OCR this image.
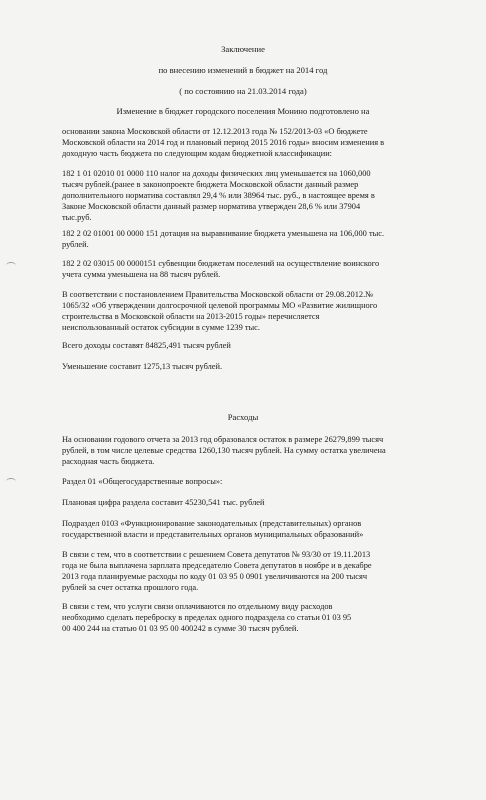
Заключение
по внесению изменений в бюджет на 2014 год
( по состоянию на 21.03.2014 года)
Изменение в бюджет городского поселения Монино подготовлено на
основании закона Московской области от 12.12.2013 года № 152/2013-03 «О бюджете
Московской области на 2014 год и плановый период 2015 2016 годы» вносим изменения в
доходную часть бюджета по следующим кодам бюджетной классификации:
182 1 01 02010 01 0000 110 налог на доходы физических лиц уменьшается на 1060,000
тысяч рублей.(ранее в законопроекте бюджета Московской области данный размер
дополнительного норматива составлял 29,4 % или 38964 тыс. руб., в настоящее время в
Законе Московской области данный размер норматива утвержден 28,6 % или 37904
тыс.руб.
182 2 02 01001 00 0000 151 дотация на выравнивание бюджета уменьшена на 106,000 тыс.
рублей.
182 2 02 03015 00 0000151 субвенции бюджетам поселений на осуществление воинского
учета сумма уменьшена на 88 тысяч рублей.
В соответствии с постановлением Правительства Московской области от 29.08.2012.№
1065/32 «Об утверждении долгосрочной целевой программы МО «Развитие жилищного
строительства в Московской области на 2013-2015 годы» перечисляется
неиспользованный остаток субсидии в сумме 1239 тыс.
Всего доходы составят 84825,491 тысяч рублей
Уменьшение составит 1275,13 тысяч рублей.
Расходы
На основании годового отчета за 2013 год образовался остаток в размере 26279,899 тысяч
рублей, в том числе целевые средства 1260,130 тысяч рублей. На сумму остатка увеличена
расходная часть бюджета.
Раздел 01 «Общегосударственные вопросы»:
Плановая цифра раздела составит 45230,541 тыс. рублей
Подраздел 0103 «Функционирование законодательных (представительных) органов
государственной власти и представительных органов муниципальных образований»
В связи с тем, что в соответствии с решением Совета депутатов № 93/30 от 19.11.2013
года не была выплачена зарплата председателю Совета депутатов в ноябре и в декабре
2013 года планируемые расходы по коду 01 03 95 0 0901 увеличиваются на 200 тысяч
рублей за счет остатка прошлого года.
В связи с тем, что услуги связи оплачиваются по отдельному виду расходов
необходимо сделать переброску в пределах одного подраздела со статьи 01 03 95
00 400 244 на статью 01 03 95 00 400242 в сумме 30 тысяч рублей.
